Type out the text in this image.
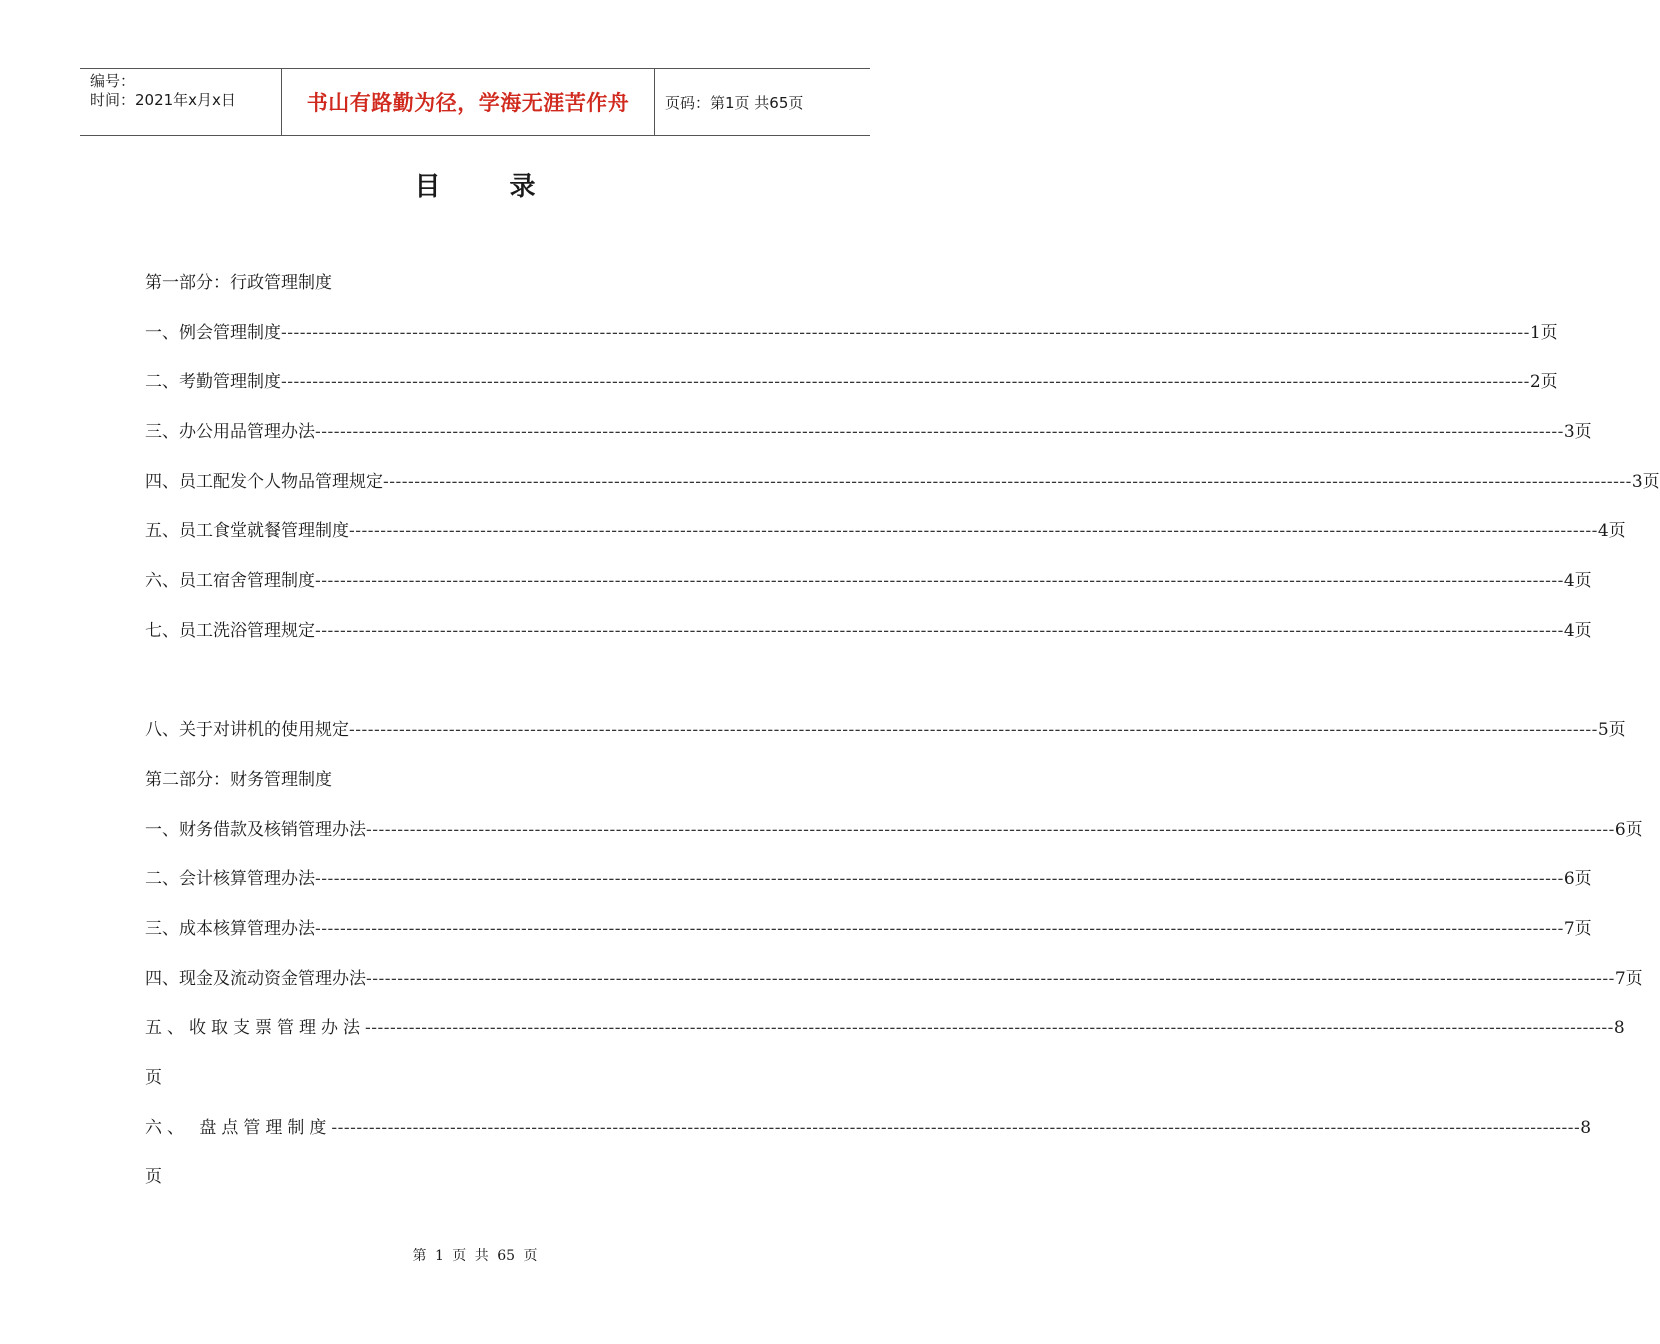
编号：
时间：2021年x月x日	书山有路勤为径，学海无涯苦作舟	页码：第1页 共65页
目 录
第一部分：行政管理制度
一、例会管理制度 -------------------------------------------------------------------------------------------------------------------------------------------------------------------------------------------------------- 1页
二、考勤管理制度 -------------------------------------------------------------------------------------------------------------------------------------------------------------------------------------------------------- 2页
三、办公用品管理办法 -------------------------------------------------------------------------------------------------------------------------------------------------------------------------------------------------------- 3页
四、员工配发个人物品管理规定 -------------------------------------------------------------------------------------------------------------------------------------------------------------------------------------------------------- 3页
五、员工食堂就餐管理制度 -------------------------------------------------------------------------------------------------------------------------------------------------------------------------------------------------------- 4页
六、员工宿舍管理制度 -------------------------------------------------------------------------------------------------------------------------------------------------------------------------------------------------------- 4页
七、员工洗浴管理规定 -------------------------------------------------------------------------------------------------------------------------------------------------------------------------------------------------------- 4页
八、关于对讲机的使用规定 -------------------------------------------------------------------------------------------------------------------------------------------------------------------------------------------------------- 5页
第二部分：财务管理制度
一、财务借款及核销管理办法 -------------------------------------------------------------------------------------------------------------------------------------------------------------------------------------------------------- 6页
二、会计核算管理办法 -------------------------------------------------------------------------------------------------------------------------------------------------------------------------------------------------------- 6页
三、成本核算管理办法 -------------------------------------------------------------------------------------------------------------------------------------------------------------------------------------------------------- 7页
四、现金及流动资金管理办法 -------------------------------------------------------------------------------------------------------------------------------------------------------------------------------------------------------- 7页
五、收取支票管理办法 -------------------------------------------------------------------------------------------------------------------------------------------------------------------------------------------------------- 8
页
六、 盘点管理制度 -------------------------------------------------------------------------------------------------------------------------------------------------------------------------------------------------------- 8
页
第 1 页 共 65 页
